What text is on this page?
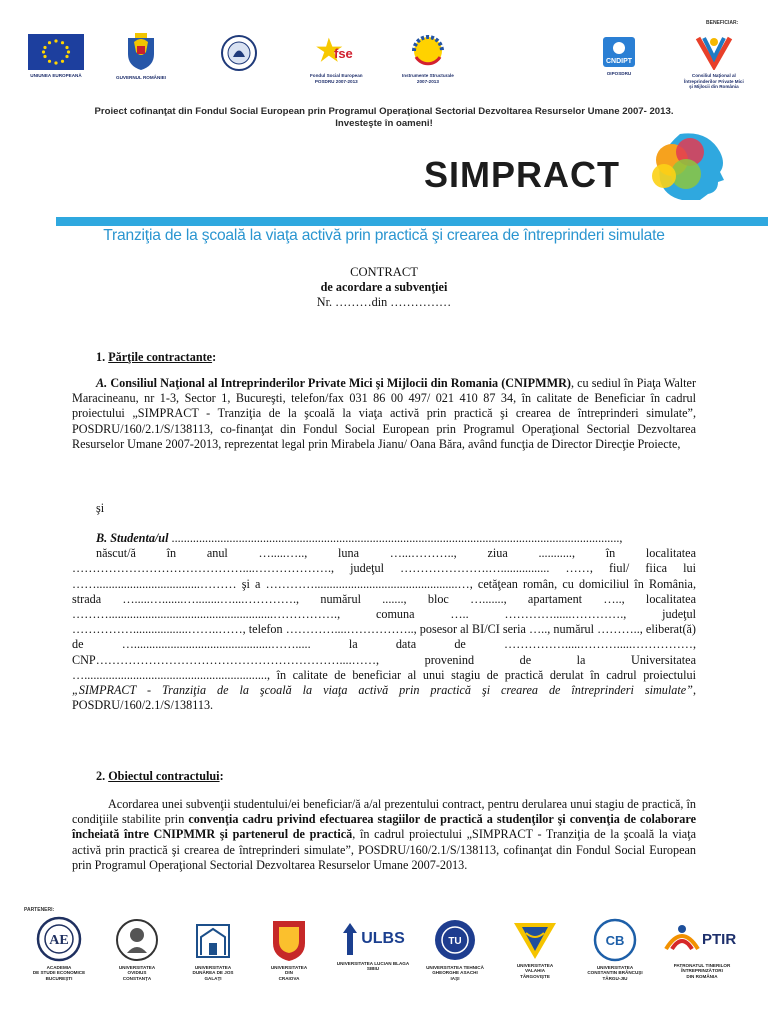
BENEFICIAR:
UNIUNEA EUROPEANĂ	GUVERNUL ROMÂNIEI
fse
Fondul Social European
POSDRU 2007-2013
Instrumente Structurale
2007-2013
CNDIPT
OIPOSDRU	Consiliul Naţional al
Întreprinderilor Private Mici
şi Mijlocii din România
Proiect cofinanţat din Fondul Social European prin Programul Operaţional Sectorial Dezvoltarea Resurselor Umane 2007- 2013.
Investeşte în oameni!
SIMPRACT
Tranziţia de la şcoală la viaţa activă prin practică şi crearea de întreprinderi simulate
CONTRACT
de acordare a subvenţiei
Nr. ………din ……………
1. Părţile contractante:
A. Consiliul Naţional al Intreprinderilor Private Mici şi Mijlocii din Romania (CNIPMMR), cu sediul în Piaţa Walter Maracineanu, nr 1-3, Sector 1, Bucureşti, telefon/fax 031 86 00 497/ 021 410 87 34, în calitate de Beneficiar în cadrul proiectului „SIMPRACT - Tranziţia de la şcoală la viaţa activă prin practică şi crearea de întreprinderi simulate”, POSDRU/160/2.1/S/138113, co-finanţat din Fondul Social European prin Programul Operaţional Sectorial Dezvoltarea Resurselor Umane 2007-2013, reprezentat legal prin Mirabela Jianu/ Oana Băra, având funcţia de Director Direcţie Proiecte,
şi
B. Studenta/ul ...................................................................................................................................................,
născut/ă în anul ….....….., luna …...……….., ziua ..........., în localitatea ……………………………………....………………., judeţul ………………….…................ ……, fiul/ fiica lui ……..................................……… şi a …………...............................................…, cetăţean român, cu domiciliul în România, strada ….....….......…........…....…………., numărul ......., bloc …......., apartament ….., localitatea ………......................................................……………., comuna ….. …………......…………., judeţul ……………..................……..……, telefon …………....…………….., posesor al BI/CI seria ….., numărul ……….., eliberat(ă) de ….............................................……..... la data de …………….....……….....……………, CNP……………………………………………………....……, provenind de la Universitatea …............................................................, în calitate de beneficiar al unui stagiu de practică derulat în cadrul proiectului „SIMPRACT - Tranziţia de la şcoală la viaţa activă prin practică şi crearea de întreprinderi simulate”, POSDRU/160/2.1/S/138113.
2. Obiectul contractului:
Acordarea unei subvenţii studentului/ei beneficiar/ă a/al prezentului contract, pentru derularea unui stagiu de practică, în condiţiile stabilite prin convenţia cadru privind efectuarea stagiilor de practică a studenţilor şi convenţia de colaborare încheiată între CNIPMMR şi partenerul de practică, în cadrul proiectului „SIMPRACT - Tranziţia de la şcoală la viaţa activă prin practică şi crearea de întreprinderi simulate”, POSDRU/160/2.1/S/138113, cofinanţat din Fondul Social European prin Programul Operaţional Sectorial Dezvoltarea Resurselor Umane 2007-2013.
PARTENERI:
AE
ACADEMIA
DE STUDII ECONOMICE
BUCUREŞTI
UNIVERSITATEA
OVIDIUS
CONSTANŢA
UNIVERSITATEA
DUNĂREA DE JOS
GALAŢI
UNIVERSITATEA
DIN
CRAIOVA
ULBS
UNIVERSITATEA LUCIAN BLAGA
SIBIU
TU
UNIVERSITATEA TEHNICĂ
GHEORGHE ASACHI
IAŞI
UNIVERSITATEA
VALAHIA
TÂRGOVIŞTE
CB
UNIVERSITATEA
CONSTANTIN BRÂNCUŞI
TÂRGU-JIU
PTIR
PATRONATUL TINERILOR
ÎNTREPRINZĂTORI
DIN ROMÂNIA
